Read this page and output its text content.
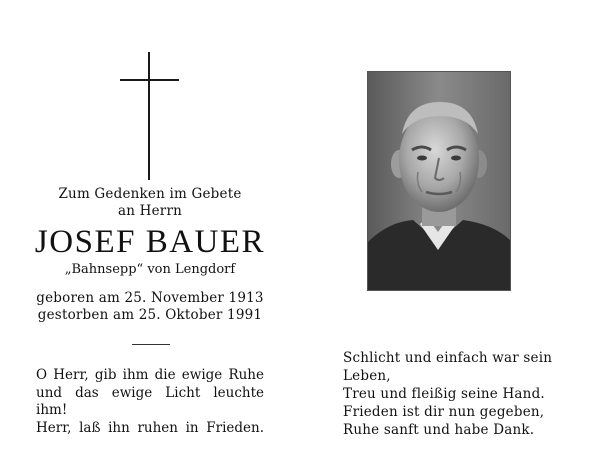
Zum Gedenken im Gebete
an Herrn
JOSEF BAUER
„Bahnsepp“ von Lengdorf
geboren am 25. November 1913
gestorben am 25. Oktober 1991
O Herr, gib ihm die ewige Ruhe
und das ewige Licht leuchte ihm!
Herr, laß ihn ruhen in Frieden.
Schlicht und einfach war sein Leben,
Treu und fleißig seine Hand.
Frieden ist dir nun gegeben,
Ruhe sanft und habe Dank.
